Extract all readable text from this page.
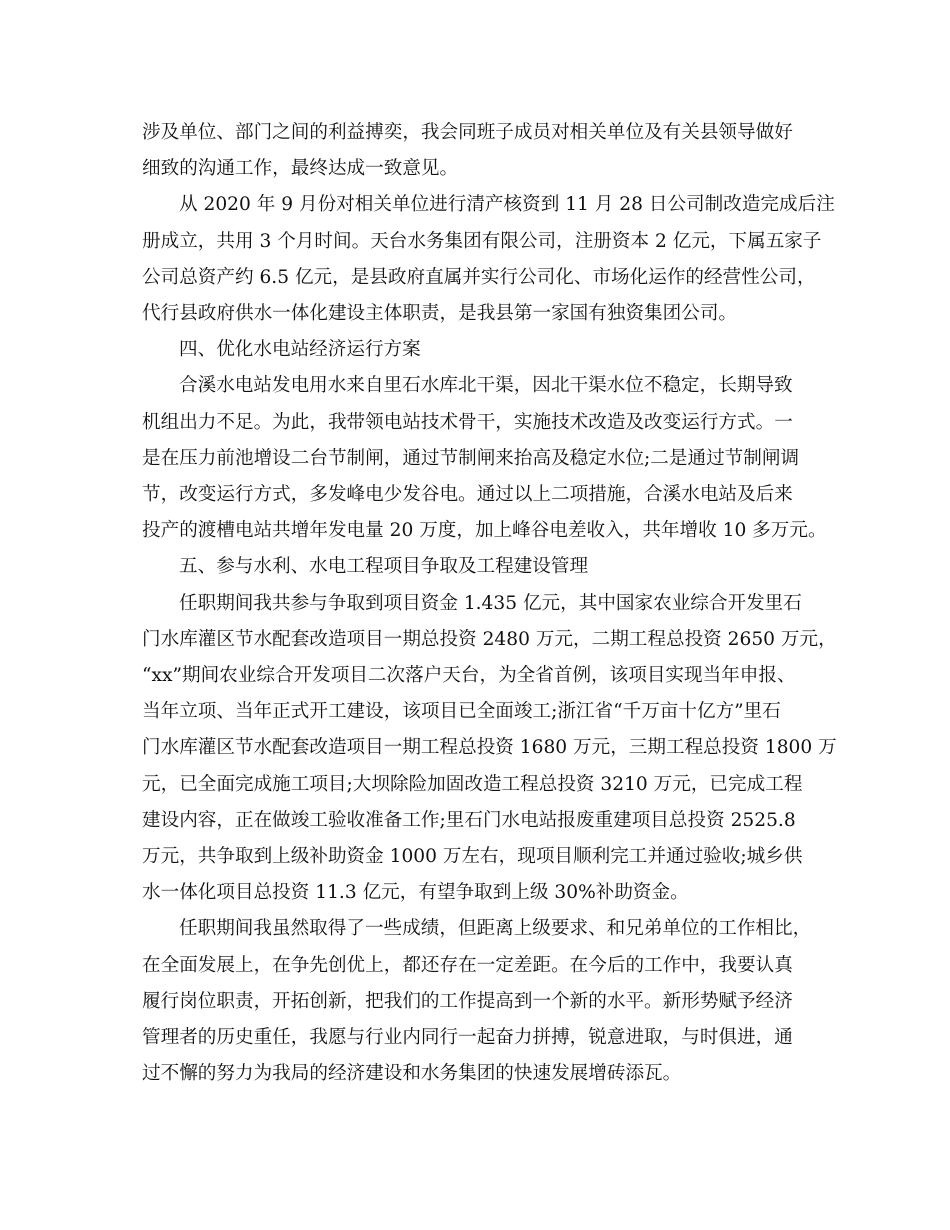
涉及单位、部门之间的利益搏奕，我会同班子成员对相关单位及有关县领导做好
细致的沟通工作，最终达成一致意见。
从 2020 年 9 月份对相关单位进行清产核资到 11 月 28 日公司制改造完成后注
册成立，共用 3 个月时间。天台水务集团有限公司，注册资本 2 亿元，下属五家子
公司总资产约 6.5 亿元，是县政府直属并实行公司化、市场化运作的经营性公司，
代行县政府供水一体化建设主体职责，是我县第一家国有独资集团公司。
四、优化水电站经济运行方案
合溪水电站发电用水来自里石水库北干渠，因北干渠水位不稳定，长期导致
机组出力不足。为此，我带领电站技术骨干，实施技术改造及改变运行方式。一
是在压力前池增设二台节制闸，通过节制闸来抬高及稳定水位;二是通过节制闸调
节，改变运行方式，多发峰电少发谷电。通过以上二项措施，合溪水电站及后来
投产的渡槽电站共增年发电量 20 万度，加上峰谷电差收入，共年增收 10 多万元。
五、参与水利、水电工程项目争取及工程建设管理
任职期间我共参与争取到项目资金 1.435 亿元，其中国家农业综合开发里石
门水库灌区节水配套改造项目一期总投资 2480 万元，二期工程总投资 2650 万元，
“xx”期间农业综合开发项目二次落户天台，为全省首例，该项目实现当年申报、
当年立项、当年正式开工建设，该项目已全面竣工;浙江省“千万亩十亿方”里石
门水库灌区节水配套改造项目一期工程总投资 1680 万元，三期工程总投资 1800 万
元，已全面完成施工项目;大坝除险加固改造工程总投资 3210 万元，已完成工程
建设内容，正在做竣工验收准备工作;里石门水电站报废重建项目总投资 2525.8
万元，共争取到上级补助资金 1000 万左右，现项目顺利完工并通过验收;城乡供
水一体化项目总投资 11.3 亿元，有望争取到上级 30%补助资金。
任职期间我虽然取得了一些成绩，但距离上级要求、和兄弟单位的工作相比，
在全面发展上，在争先创优上，都还存在一定差距。在今后的工作中，我要认真
履行岗位职责，开拓创新，把我们的工作提高到一个新的水平。新形势赋予经济
管理者的历史重任，我愿与行业内同行一起奋力拼搏，锐意进取，与时俱进，通
过不懈的努力为我局的经济建设和水务集团的快速发展增砖添瓦。
